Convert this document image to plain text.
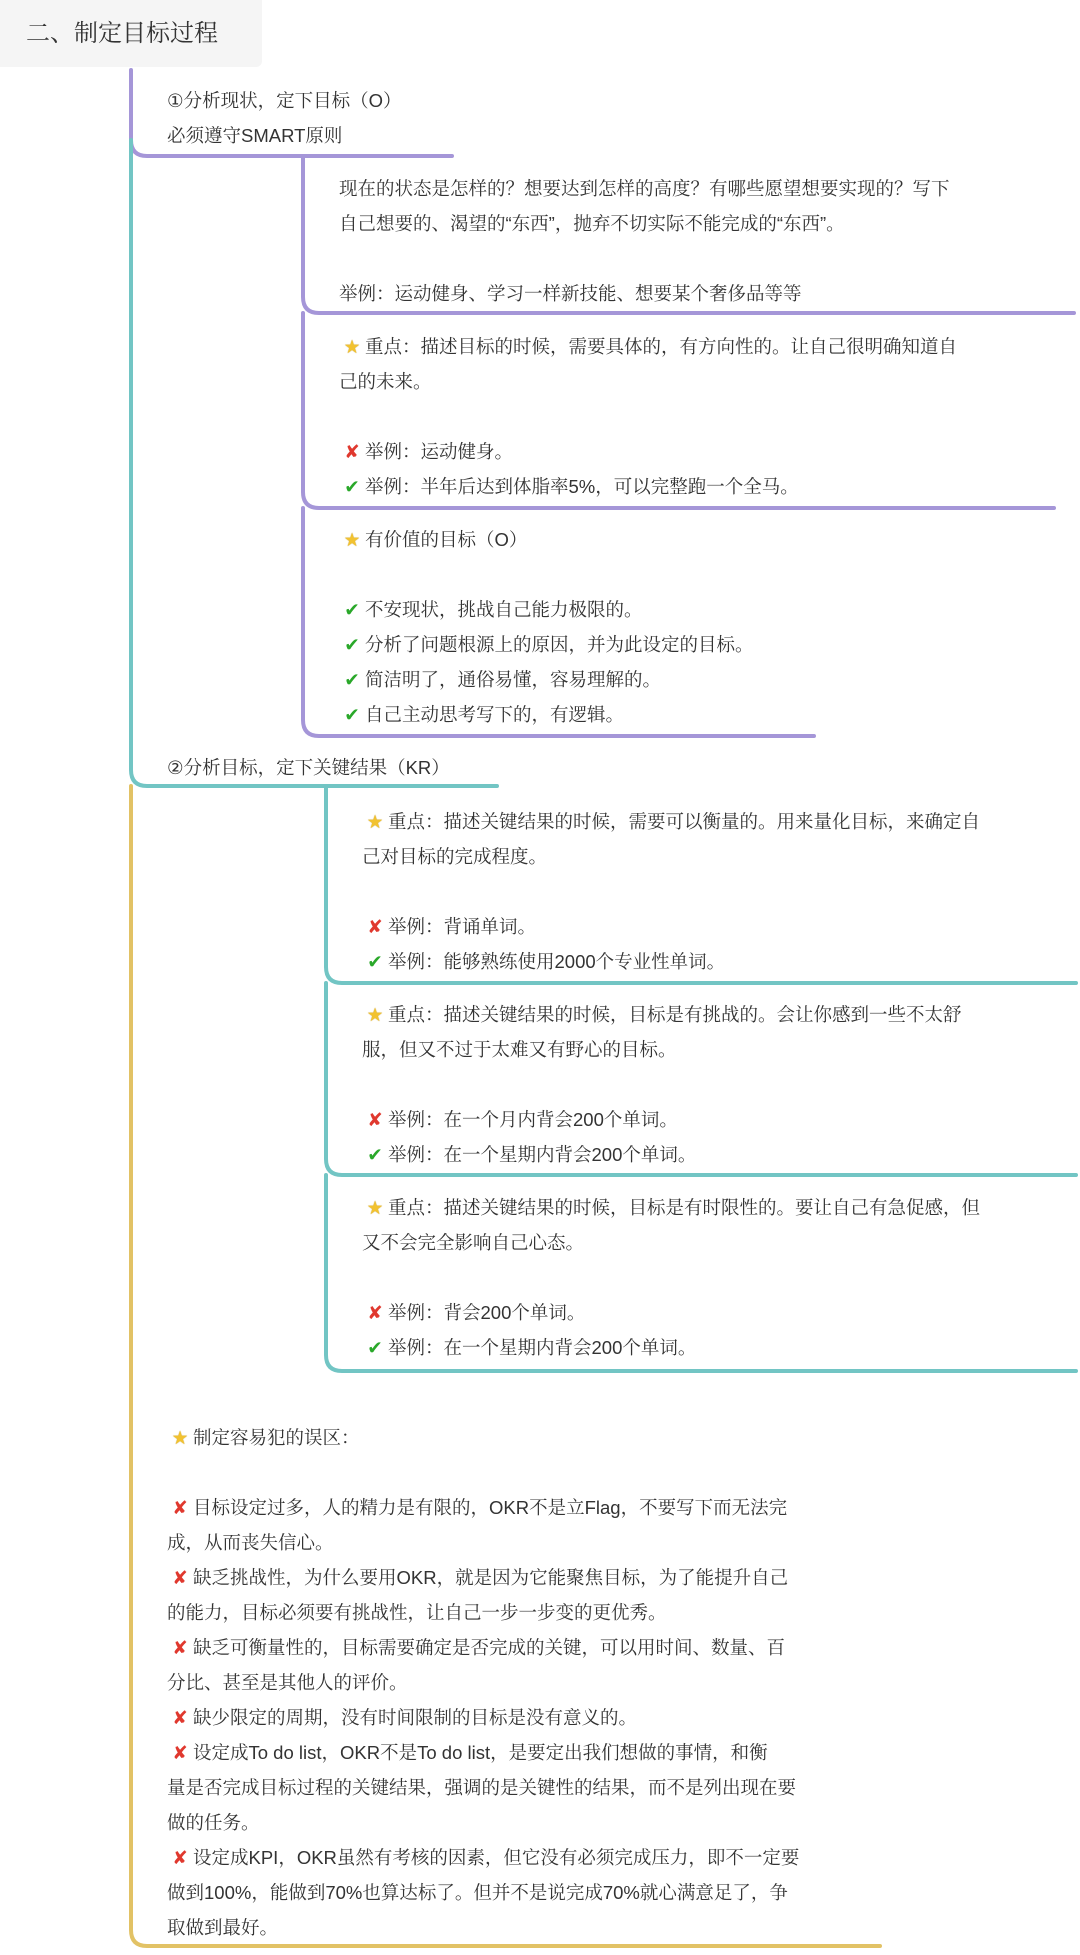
二、制定目标过程
①分析现状，定下目标（O）
必须遵守SMART原则
现在的状态是怎样的？想要达到怎样的高度？有哪些愿望想要实现的？写下
自己想要的、渴望的“东西”，抛弃不切实际不能完成的“东西”。

举例：运动健身、学习一样新技能、想要某个奢侈品等等
★ 重点：描述目标的时候，需要具体的，有方向性的。让自己很明确知道自
己的未来。

✘ 举例：运动健身。
✔ 举例：半年后达到体脂率5%，可以完整跑一个全马。
★ 有价值的目标（O）

✔ 不安现状，挑战自己能力极限的。
✔ 分析了问题根源上的原因，并为此设定的目标。
✔ 简洁明了，通俗易懂，容易理解的。
✔ 自己主动思考写下的，有逻辑。
②分析目标，定下关键结果（KR）
★ 重点：描述关键结果的时候，需要可以衡量的。用来量化目标，来确定自
己对目标的完成程度。

✘ 举例：背诵单词。
✔ 举例：能够熟练使用2000个专业性单词。
★ 重点：描述关键结果的时候，目标是有挑战的。会让你感到一些不太舒
服，但又不过于太难又有野心的目标。

✘ 举例：在一个月内背会200个单词。
✔ 举例：在一个星期内背会200个单词。
★ 重点：描述关键结果的时候，目标是有时限性的。要让自己有急促感，但
又不会完全影响自己心态。

✘ 举例：背会200个单词。
✔ 举例：在一个星期内背会200个单词。
★ 制定容易犯的误区：

✘ 目标设定过多，人的精力是有限的，OKR不是立Flag，不要写下而无法完
成，从而丧失信心。
✘ 缺乏挑战性，为什么要用OKR，就是因为它能聚焦目标，为了能提升自己
的能力，目标必须要有挑战性，让自己一步一步变的更优秀。
✘ 缺乏可衡量性的，目标需要确定是否完成的关键，可以用时间、数量、百
分比、甚至是其他人的评价。
✘ 缺少限定的周期，没有时间限制的目标是没有意义的。
✘ 设定成To do list，OKR不是To do list，是要定出我们想做的事情，和衡
量是否完成目标过程的关键结果，强调的是关键性的结果，而不是列出现在要
做的任务。
✘ 设定成KPI，OKR虽然有考核的因素，但它没有必须完成压力，即不一定要
做到100%，能做到70%也算达标了。但并不是说完成70%就心满意足了，争
取做到最好。
